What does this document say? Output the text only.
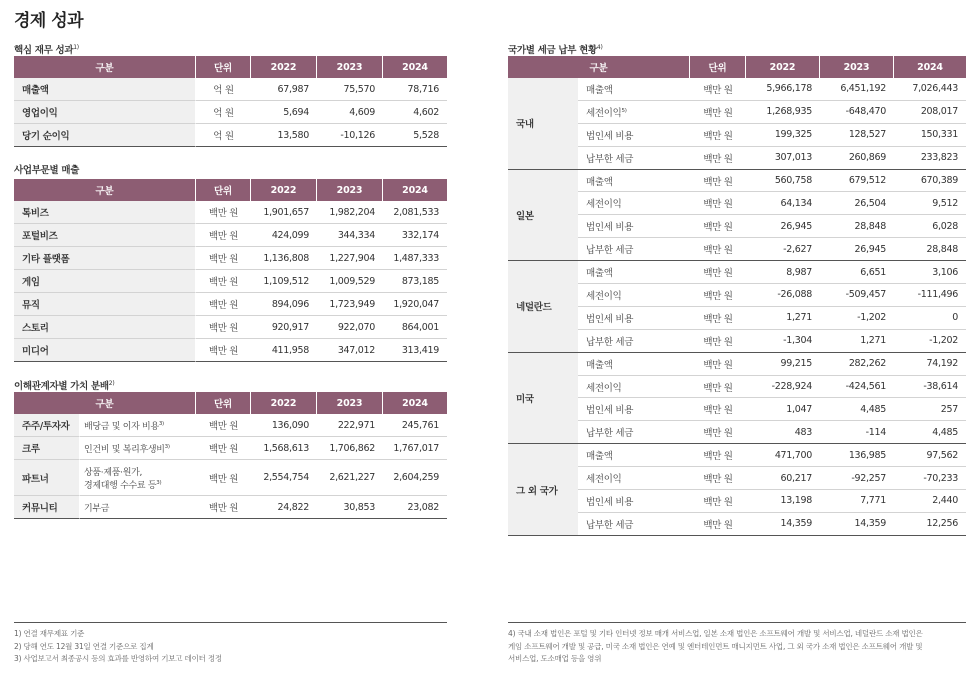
경제 성과
핵심 재무 성과$^{1)}$
구분	단위	2022	2023	2024
매출액	억 원	67,987	75,570	78,716
영업이익	억 원	5,694	4,609	4,602
당기 순이익	억 원	13,580	-10,126	5,528
사업부문별 매출
구분	단위	2022	2023	2024
톡비즈	백만 원	1,901,657	1,982,204	2,081,533
포털비즈	백만 원	424,099	344,334	332,174
기타 플랫폼	백만 원	1,136,808	1,227,904	1,487,333
게임	백만 원	1,109,512	1,009,529	873,185
뮤직	백만 원	894,096	1,723,949	1,920,047
스토리	백만 원	920,917	922,070	864,001
미디어	백만 원	411,958	347,012	313,419
이해관계자별 가치 분배$^{2)}$
구분		단위	2022	2023	2024
주주/투자자	배당금 및 이자 비용$^{3)}$	백만 원	136,090	222,971	245,761
크루	인건비 및 복리후생비$^{3)}$	백만 원	1,568,613	1,706,862	1,767,017
파트너	상품·제품·원가,
경제대행 수수료 등$^{3)}$	백만 원	2,554,754	2,621,227	2,604,259
커뮤니티	기부금	백만 원	24,822	30,853	23,082
국가별 세금 납부 현황$^{4)}$
구분		단위	2022	2023	2024
국내	매출액	백만 원	5,966,178	6,451,192	7,026,443
	세전이익$^{5)}$	백만 원	1,268,935	-648,470	208,017
	법인세 비용	백만 원	199,325	128,527	150,331
	납부한 세금	백만 원	307,013	260,869	233,823
일본	매출액	백만 원	560,758	679,512	670,389
	세전이익	백만 원	64,134	26,504	9,512
	법인세 비용	백만 원	26,945	28,848	6,028
	납부한 세금	백만 원	-2,627	26,945	28,848
네덜란드	매출액	백만 원	8,987	6,651	3,106
	세전이익	백만 원	-26,088	-509,457	-111,496
	법인세 비용	백만 원	1,271	-1,202	0
	납부한 세금	백만 원	-1,304	1,271	-1,202
미국	매출액	백만 원	99,215	282,262	74,192
	세전이익	백만 원	-228,924	-424,561	-38,614
	법인세 비용	백만 원	1,047	4,485	257
	납부한 세금	백만 원	483	-114	4,485
그 외 국가	매출액	백만 원	471,700	136,985	97,562
	세전이익	백만 원	60,217	-92,257	-70,233
	법인세 비용	백만 원	13,198	7,771	2,440
	납부한 세금	백만 원	14,359	14,359	12,256
1) 연결 재무제표 기준
2) 당해 연도 12월 31일 연결 기준으로 집계
3) 사업보고서 최종공시 등의 효과를 반영하여 기보고 데이터 정정
4) 국내 소재 법인은 포털 및 기타 인터넷 정보 매개 서비스업, 일본 소재 법인은 소프트웨어 개발 및 서비스업, 네덜란드 소재 법인은
게임 소프트웨어 개발 및 공급, 미국 소재 법인은 연예 및 엔터테인먼트 매니지먼트 사업, 그 외 국가 소재 법인은 소프트웨어 개발 및
서비스업, 도소매업 등을 영위
